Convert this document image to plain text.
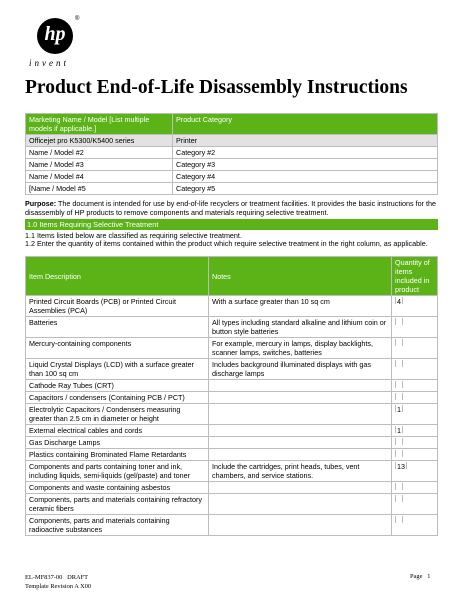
hp
®
invent
Product End-of-Life Disassembly Instructions
Marketing Name / Model [List multiple models if applicable.]	Product Category
Officejet pro K5300/K5400 series	Printer
Name / Model #2	Category #2
Name / Model #3	Category #3
Name / Model #4	Category #4
[Name / Model #5	Category #5
Purpose: The document is intended for use by end-of-life recyclers or treatment facilities. It provides the basic instructions for the disassembly of HP products to remove components and materials requiring selective treatment.
1.0 Items Requiring Selective Treatment
1.1 Items listed below are classified as requiring selective treatment.
1.2 Enter the quantity of items contained within the product which require selective treatment in the right column, as applicable.
Item Description	Notes	Quantity of items included in product
Printed Circuit Boards (PCB) or Printed Circuit Assemblies (PCA)	With a surface greater than 10 sq cm	4
Batteries	All types including standard alkaline and lithium coin or button style batteries	
Mercury-containing components	For example, mercury in lamps, display backlights, scanner lamps, switches, batteries	
Liquid Crystal Displays (LCD) with a surface greater than 100 sq cm	Includes background illuminated displays with gas discharge lamps	
Cathode Ray Tubes (CRT)		
Capacitors / condensers (Containing PCB / PCT)		
Electrolytic Capacitors / Condensers measuring greater than 2.5 cm in diameter or height		1
External electrical cables and cords		1
Gas Discharge Lamps		
Plastics containing Brominated Flame Retardants		
Components and parts containing toner and ink, including liquids, semi-liquids (gel/paste) and toner	Include the cartridges, print heads, tubes, vent chambers, and service stations.	13
Components and waste containing asbestos		
Components, parts and materials containing refractory ceramic fibers		
Components, parts and materials containing radioactive substances		
EL-MF837-00 DRAFT
Template Revision A X00
Page 1
